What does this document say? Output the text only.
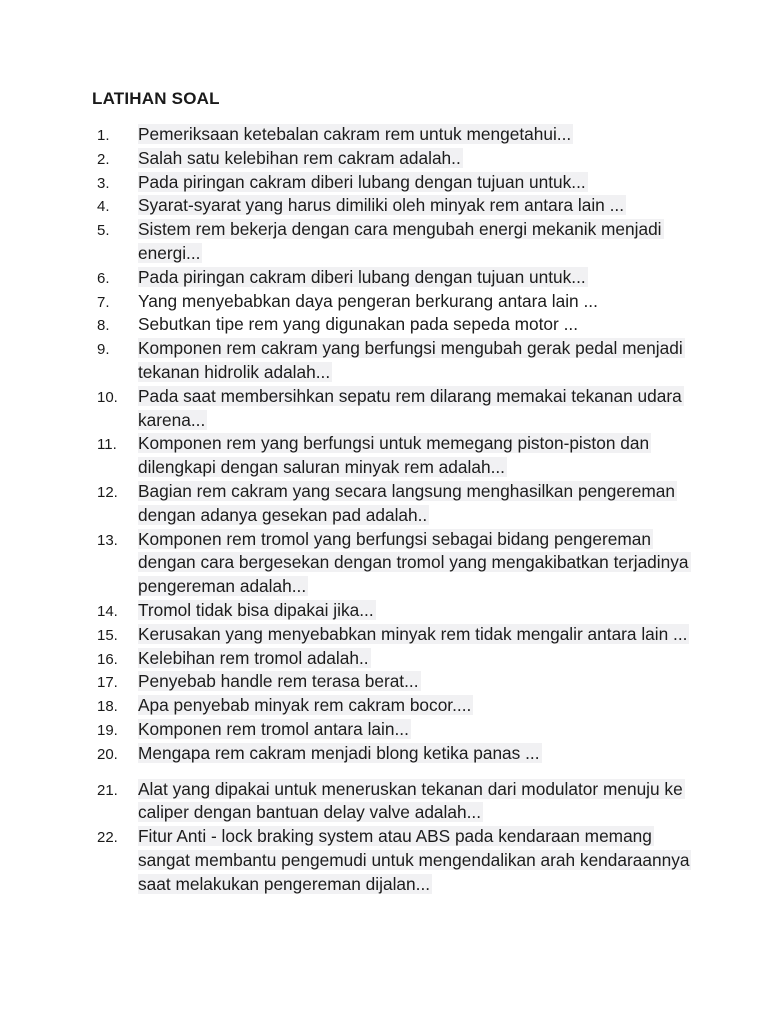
LATIHAN SOAL
1.	Pemeriksaan ketebalan cakram rem untuk mengetahui...
2.	Salah satu kelebihan rem cakram adalah..
3.	Pada piringan cakram diberi lubang dengan tujuan untuk...
4.	Syarat-syarat yang harus dimiliki oleh minyak rem antara lain ...
5.	Sistem rem bekerja dengan cara mengubah energi mekanik menjadi energi...
6.	Pada piringan cakram diberi lubang dengan tujuan untuk...
7.	Yang menyebabkan daya pengeran berkurang antara lain ...
8.	Sebutkan tipe rem yang digunakan pada sepeda motor ...
9.	Komponen rem cakram yang berfungsi mengubah gerak pedal menjadi tekanan hidrolik adalah...
10.	Pada saat membersihkan sepatu rem dilarang memakai tekanan udara karena...
11.	Komponen rem yang berfungsi untuk memegang piston-piston dan dilengkapi dengan saluran minyak rem adalah...
12.	Bagian rem cakram yang secara langsung menghasilkan pengereman dengan adanya gesekan pad adalah..
13.	Komponen rem tromol yang berfungsi sebagai bidang pengereman dengan cara bergesekan dengan tromol yang mengakibatkan terjadinya pengereman adalah...
14.	Tromol tidak bisa dipakai jika...
15.	Kerusakan yang menyebabkan minyak rem tidak mengalir antara lain ...
16.	Kelebihan rem tromol adalah..
17.	Penyebab handle rem terasa berat...
18.	Apa penyebab minyak rem cakram bocor....
19.	Komponen rem tromol antara lain...
20.	Mengapa rem cakram menjadi blong ketika panas ...
21.	Alat yang dipakai untuk meneruskan tekanan dari modulator menuju ke caliper dengan bantuan delay valve adalah...
22.	Fitur Anti - lock braking system atau ABS pada kendaraan memang sangat membantu pengemudi untuk mengendalikan arah kendaraannya saat melakukan pengereman dijalan...
